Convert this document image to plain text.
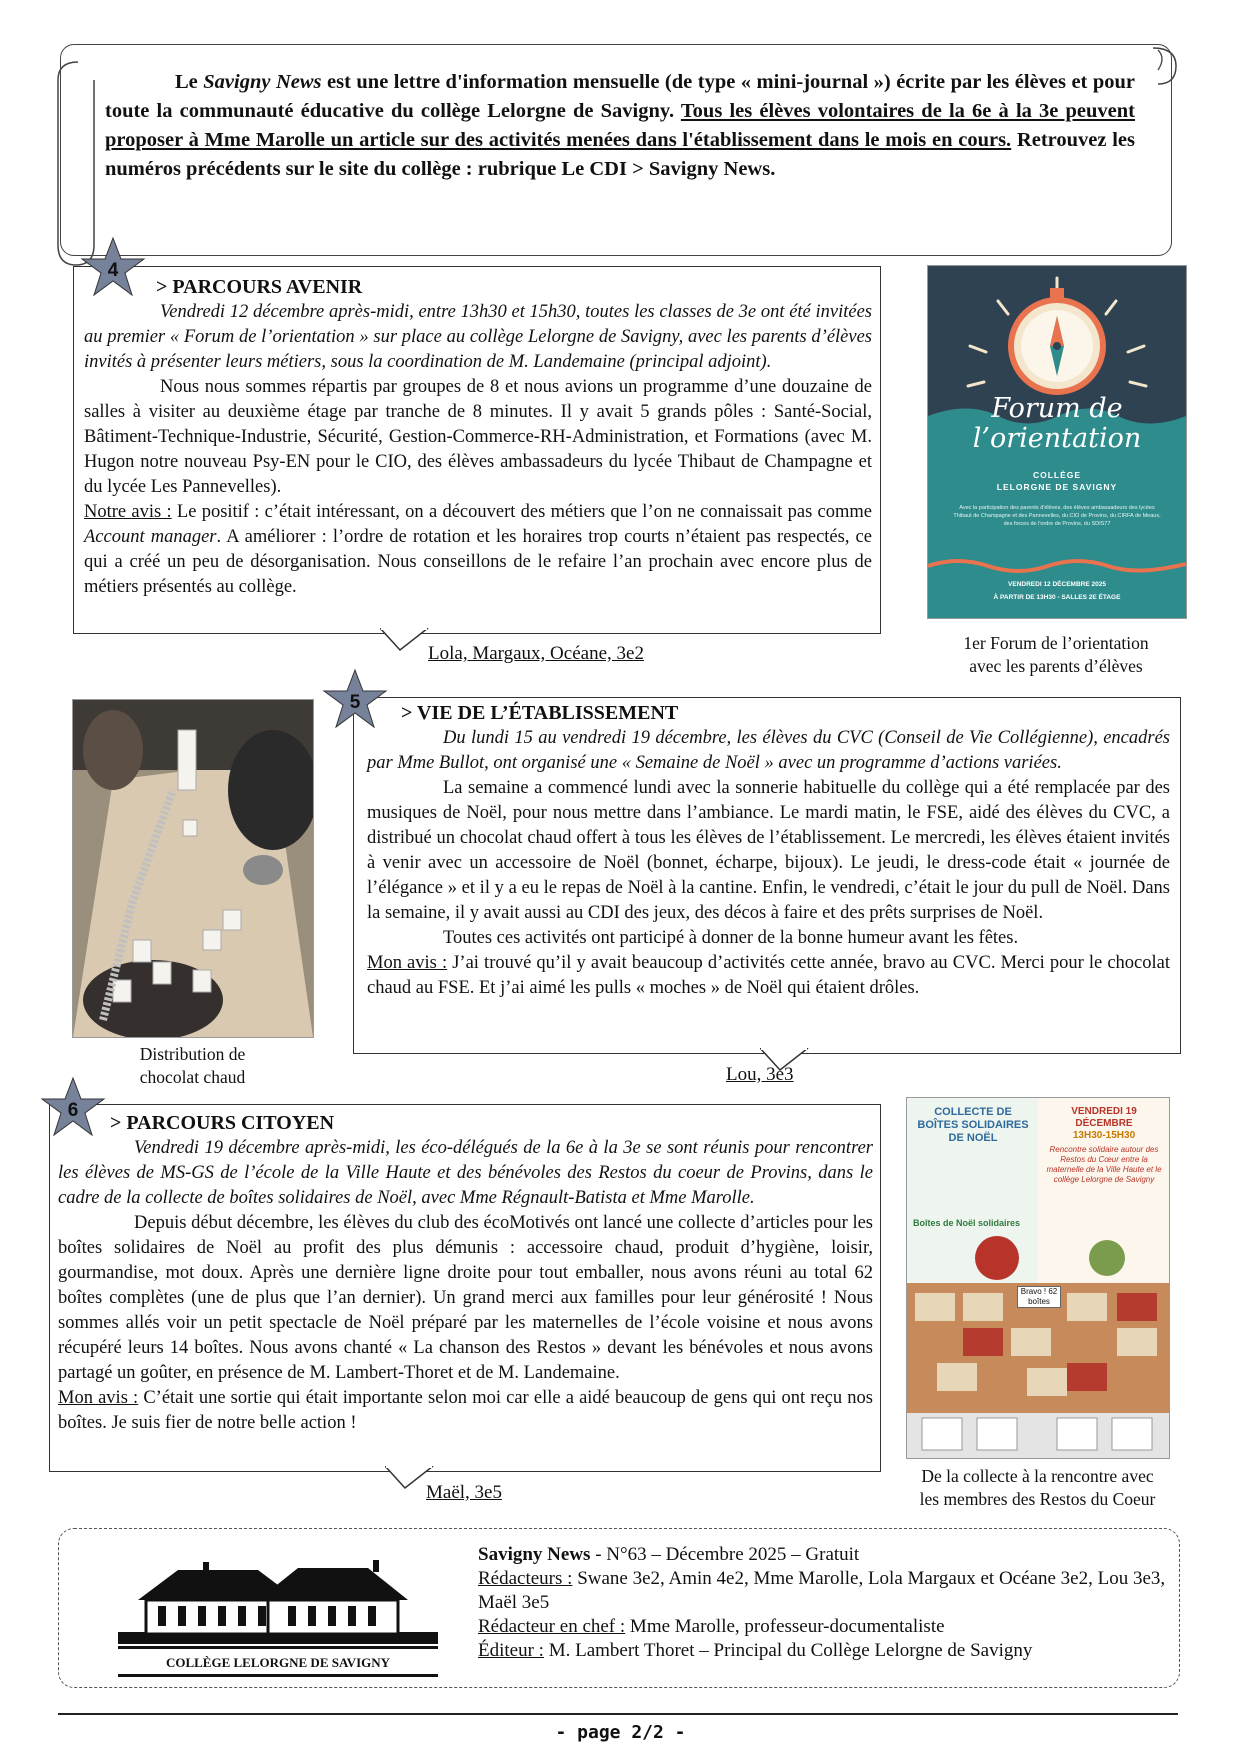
Le Savigny News est une lettre d'information mensuelle (de type « mini-journal ») écrite par les élèves et pour toute la communauté éducative du collège Lelorgne de Savigny. Tous les élèves volontaires de la 6e à la 3e peuvent proposer à Mme Marolle un article sur des activités menées dans l'établissement dans le mois en cours. Retrouvez les numéros précédents sur le site du collège : rubrique Le CDI > Savigny News.
4

> PARCOURS AVENIR

Vendredi 12 décembre après-midi, entre 13h30 et 15h30, toutes les classes de 3e ont été invitées au premier « Forum de l’orientation » sur place au collège Lelorgne de Savigny, avec les parents d’élèves invités à présenter leurs métiers, sous la coordination de M. Landemaine (principal adjoint).

Nous nous sommes répartis par groupes de 8 et nous avions un programme d’une douzaine de salles à visiter au deuxième étage par tranche de 8 minutes. Il y avait 5 grands pôles : Santé-Social, Bâtiment-Technique-Industrie, Sécurité, Gestion-Commerce-RH-Administration, et Formations (avec M. Hugon notre nouveau Psy-EN pour le CIO, des élèves ambassadeurs du lycée Thibaut de Champagne et du lycée Les Pannevelles).

Notre avis : Le positif : c’était intéressant, on a découvert des métiers que l’on ne connaissait pas comme Account manager. A améliorer : l’ordre de rotation et les horaires trop courts n’étaient pas respectés, ce qui a créé un peu de désorganisation. Nous conseillons de le refaire l’an prochain avec encore plus de métiers présentés au collège.

Lola, Margaux, Océane, 3e2
Forum de
l’orientation
COLLÈGE
LELORGNE DE SAVIGNY
Avec la participation des parents d'élèves, des élèves ambassadeurs des lycées Thibaut de Champagne et des Pannevelles, du CIO de Provins, du CIRFA de Meaux, des forces de l'ordre de Provins, du SDIS77
VENDREDI 12 DÉCEMBRE 2025
À PARTIR DE 13H30 - SALLES 2E ÉTAGE
1er Forum de l’orientation
avec les parents d’élèves
Distribution de
chocolat chaud
5	> VIE DE L’ÉTABLISSEMENT

Du lundi 15 au vendredi 19 décembre, les élèves du CVC (Conseil de Vie Collégienne), encadrés par Mme Bullot, ont organisé une « Semaine de Noël » avec un programme d’actions variées.

La semaine a commencé lundi avec la sonnerie habituelle du collège qui a été remplacée par des musiques de Noël, pour nous mettre dans l’ambiance. Le mardi matin, le FSE, aidé des élèves du CVC, a distribué un chocolat chaud offert à tous les élèves de l’établissement. Le mercredi, les élèves étaient invités à venir avec un accessoire de Noël (bonnet, écharpe, bijoux). Le jeudi, le dress-code était « journée de l’élégance » et il y a eu le repas de Noël à la cantine. Enfin, le vendredi, c’était le jour du pull de Noël. Dans la semaine, il y avait aussi au CDI des jeux, des décos à faire et des prêts surprises de Noël.

Toutes ces activités ont participé à donner de la bonne humeur avant les fêtes.

Mon avis : J’ai trouvé qu’il y avait beaucoup d’activités cette année, bravo au CVC. Merci pour le chocolat chaud au FSE. Et j’ai aimé les pulls « moches » de Noël qui étaient drôles.

Lou, 3e3
6

> PARCOURS CITOYEN

Vendredi 19 décembre après-midi, les éco-délégués de la 6e à la 3e se sont réunis pour rencontrer les élèves de MS-GS de l’école de la Ville Haute et des bénévoles des Restos du coeur de Provins, dans le cadre de la collecte de boîtes solidaires de Noël, avec Mme Régnault-Batista et Mme Marolle.

Depuis début décembre, les élèves du club des écoMotivés ont lancé une collecte d’articles pour les boîtes solidaires de Noël au profit des plus démunis : accessoire chaud, produit d’hygiène, loisir, gourmandise, mot doux. Après une dernière ligne droite pour tout emballer, nous avons réuni au total 62 boîtes complètes (une de plus que l’an dernier). Un grand merci aux familles pour leur générosité ! Nous sommes allés voir un petit spectacle de Noël préparé par les maternelles de l’école voisine et nous avons récupéré leurs 14 boîtes. Nous avons chanté « La chanson des Restos » devant les bénévoles et nous avons partagé un goûter, en présence de M. Lambert-Thoret et de M. Landemaine.

Mon avis : C’était une sortie qui était importante selon moi car elle a aidé beaucoup de gens qui ont reçu nos boîtes. Je suis fier de notre belle action !

Maël, 3e5
COLLECTE DE BOÎTES SOLIDAIRES DE NOËL
Boîtes de Noël solidaires
VENDREDI 19 DÉCEMBRE
13H30-15H30
Rencontre solidaire autour des Restos du Cœur entre la maternelle de la Ville Haute et le collège Lelorgne de Savigny
Bravo ! 62 boîtes
De la collecte à la rencontre avec
les membres des Restos du Coeur
COLLÈGE LELORGNE DE SAVIGNY
Savigny News - N°63 – Décembre 2025 – Gratuit
Rédacteurs : Swane 3e2, Amin 4e2, Mme Marolle, Lola Margaux et Océane 3e2, Lou 3e3, Maël 3e5
Rédacteur en chef : Mme Marolle, professeur-documentaliste
Éditeur : M. Lambert Thoret – Principal du Collège Lelorgne de Savigny
- page 2/2 -
